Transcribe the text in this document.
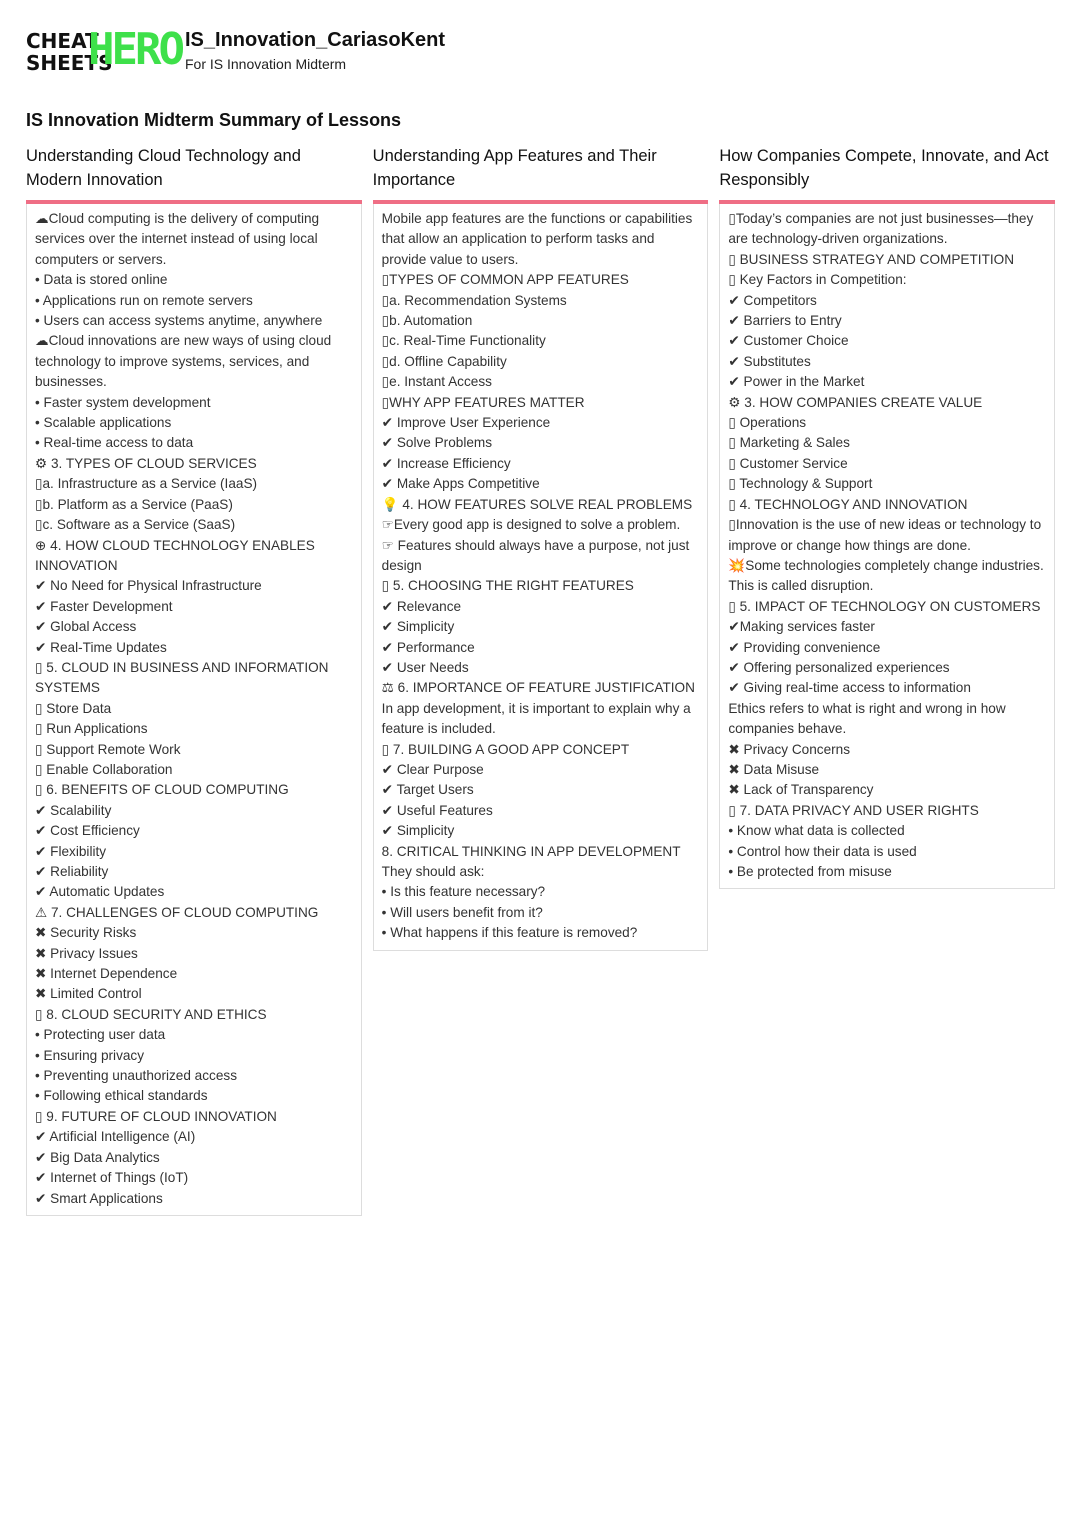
CHEAT
SHEETS
HERO IS_Innovation_CariasoKent
For IS Innovation Midterm
IS Innovation Midterm Summary of Lessons
Understanding Cloud Technology and Modern Innovation

☁Cloud computing is the delivery of computing services over the internet instead of using local computers or servers.

• Data is stored online

• Applications run on remote servers

• Users can access systems anytime, anywhere

☁Cloud innovations are new ways of using cloud technology to improve systems, services, and businesses.

• Faster system development

• Scalable applications

• Real-time access to data

⚙ 3. TYPES OF CLOUD SERVICES

▯a. Infrastructure as a Service (IaaS)

▯b. Platform as a Service (PaaS)

▯c. Software as a Service (SaaS)

⊕ 4. HOW CLOUD TECHNOLOGY ENABLES INNOVATION

✔ No Need for Physical Infrastructure

✔ Faster Development

✔ Global Access

✔ Real-Time Updates

▯ 5. CLOUD IN BUSINESS AND INFORMATION SYSTEMS

▯ Store Data

▯ Run Applications

▯ Support Remote Work

▯ Enable Collaboration

▯ 6. BENEFITS OF CLOUD COMPUTING

✔ Scalability

✔ Cost Efficiency

✔ Flexibility

✔ Reliability

✔ Automatic Updates

⚠ 7. CHALLENGES OF CLOUD COMPUTING

✖ Security Risks

✖ Privacy Issues

✖ Internet Dependence

✖ Limited Control

▯ 8. CLOUD SECURITY AND ETHICS

• Protecting user data

• Ensuring privacy

• Preventing unauthorized access

• Following ethical standards

▯ 9. FUTURE OF CLOUD INNOVATION

✔ Artificial Intelligence (AI)

✔ Big Data Analytics

✔ Internet of Things (IoT)

✔ Smart Applications

Understanding App Features and Their Importance

Mobile app features are the functions or capabilities that allow an application to perform tasks and provide value to users.

▯TYPES OF COMMON APP FEATURES

▯a. Recommendation Systems

▯b. Automation

▯c. Real-Time Functionality

▯d. Offline Capability

▯e. Instant Access

▯WHY APP FEATURES MATTER

✔ Improve User Experience

✔ Solve Problems

✔ Increase Efficiency

✔ Make Apps Competitive

💡 4. HOW FEATURES SOLVE REAL PROBLEMS

☞Every good app is designed to solve a problem.

☞ Features should always have a purpose, not just design

▯ 5. CHOOSING THE RIGHT FEATURES

✔ Relevance

✔ Simplicity

✔ Performance

✔ User Needs

⚖ 6. IMPORTANCE OF FEATURE JUSTIFICATION

In app development, it is important to explain why a feature is included.

▯ 7. BUILDING A GOOD APP CONCEPT

✔ Clear Purpose

✔ Target Users

✔ Useful Features

✔ Simplicity

8. CRITICAL THINKING IN APP DEVELOPMENT

They should ask:

• Is this feature necessary?

• Will users benefit from it?

• What happens if this feature is removed?

How Companies Compete, Innovate, and Act Responsibly

▯Today’s companies are not just businesses—they are technology-driven organizations.

▯ BUSINESS STRATEGY AND COMPETITION

▯ Key Factors in Competition:

✔ Competitors

✔ Barriers to Entry

✔ Customer Choice

✔ Substitutes

✔ Power in the Market

⚙ 3. HOW COMPANIES CREATE VALUE

▯ Operations

▯ Marketing & Sales

▯ Customer Service

▯ Technology & Support

▯ 4. TECHNOLOGY AND INNOVATION

▯Innovation is the use of new ideas or technology to improve or change how things are done.

💥Some technologies completely change industries. This is called disruption.

▯ 5. IMPACT OF TECHNOLOGY ON CUSTOMERS

✔Making services faster

✔ Providing convenience

✔ Offering personalized experiences

✔ Giving real-time access to information

Ethics refers to what is right and wrong in how companies behave.

✖ Privacy Concerns

✖ Data Misuse

✖ Lack of Transparency

▯ 7. DATA PRIVACY AND USER RIGHTS

• Know what data is collected

• Control how their data is used

• Be protected from misuse
